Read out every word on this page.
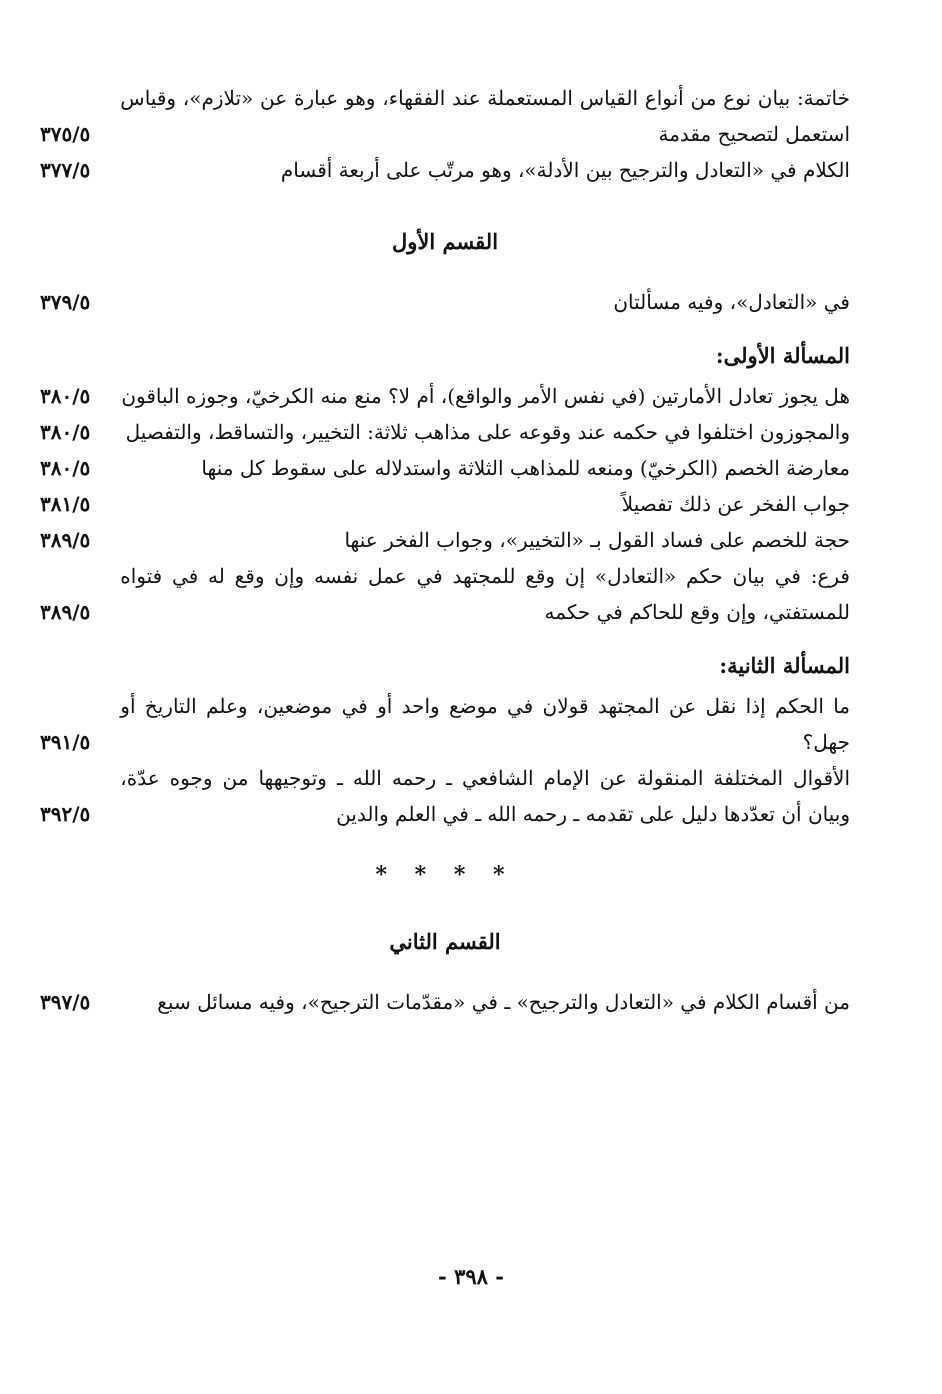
خاتمة: بيان نوع من أنواع القياس المستعملة عند الفقهاء، وهو عبارة عن «تلازم»، وقياس استعمل لتصحيح مقدمة
٣٧٥/٥
الكلام في «التعادل والترجيح بين الأدلة»، وهو مرتّب على أربعة أقسام
٣٧٧/٥
القسم الأول
في «التعادل»، وفيه مسألتان
٣٧٩/٥
المسألة الأولى:
هل يجوز تعادل الأمارتين (في نفس الأمر والواقع)، أم لا؟ منع منه الكرخيّ، وجوزه الباقون
٣٨٠/٥
والمجوزون اختلفوا في حكمه عند وقوعه على مذاهب ثلاثة: التخيير، والتساقط، والتفصيل
٣٨٠/٥
معارضة الخصم (الكرخيّ) ومنعه للمذاهب الثلاثة واستدلاله على سقوط كل منها
٣٨٠/٥
جواب الفخر عن ذلك تفصيلاً
٣٨١/٥
حجة للخصم على فساد القول بـ «التخيير»، وجواب الفخر عنها
٣٨٩/٥
فرع: في بيان حكم «التعادل» إن وقع للمجتهد في عمل نفسه وإن وقع له في فتواه للمستفتي، وإن وقع للحاكم في حكمه
٣٨٩/٥
المسألة الثانية:
ما الحكم إذا نقل عن المجتهد قولان في موضع واحد أو في موضعين، وعلم التاريخ أو جهل؟
٣٩١/٥
الأقوال المختلفة المنقولة عن الإمام الشافعي ـ رحمه الله ـ وتوجيهها من وجوه عدّة، وبيان أن تعدّدها دليل على تقدمه ـ رحمه الله ـ في العلم والدين
٣٩٢/٥
* * * *
القسم الثاني
من أقسام الكلام في «التعادل والترجيح» ـ في «مقدّمات الترجيح»، وفيه مسائل سبع
٣٩٧/٥
- ٣٩٨ -
